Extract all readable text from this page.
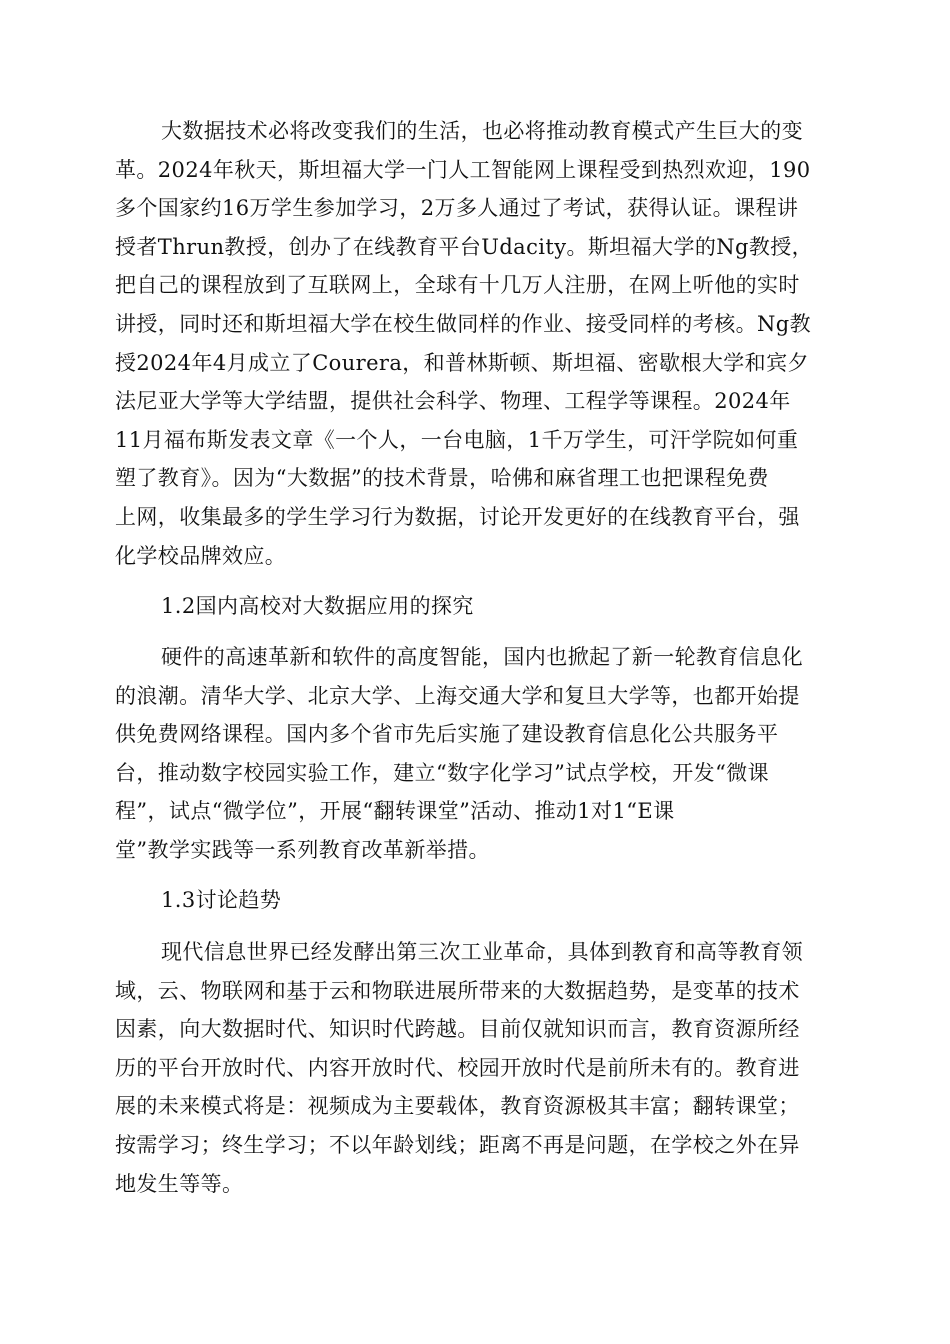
大数据技术必将改变我们的生活，也必将推动教育模式产生巨大的变
革。2024年秋天，斯坦福大学一门人工智能网上课程受到热烈欢迎，190
多个国家约16万学生参加学习，2万多人通过了考试，获得认证。课程讲
授者Thrun教授，创办了在线教育平台Udacity。斯坦福大学的Ng教授，
把自己的课程放到了互联网上，全球有十几万人注册，在网上听他的实时
讲授，同时还和斯坦福大学在校生做同样的作业、接受同样的考核。Ng教
授2024年4月成立了Courera，和普林斯顿、斯坦福、密歇根大学和宾夕
法尼亚大学等大学结盟，提供社会科学、物理、工程学等课程。2024年
11月福布斯发表文章《一个人，一台电脑，1千万学生，可汗学院如何重
塑了教育》。因为“大数据”的技术背景，哈佛和麻省理工也把课程免费
上网，收集最多的学生学习行为数据，讨论开发更好的在线教育平台，强
化学校品牌效应。
1.2国内高校对大数据应用的探究
硬件的高速革新和软件的高度智能，国内也掀起了新一轮教育信息化
的浪潮。清华大学、北京大学、上海交通大学和复旦大学等，也都开始提
供免费网络课程。国内多个省市先后实施了建设教育信息化公共服务平
台，推动数字校园实验工作，建立“数字化学习”试点学校，开发“微课
程”，试点“微学位”，开展“翻转课堂”活动、推动1对1“E课
堂”教学实践等一系列教育改革新举措。
1.3讨论趋势
现代信息世界已经发酵出第三次工业革命，具体到教育和高等教育领
域，云、物联网和基于云和物联进展所带来的大数据趋势，是变革的技术
因素，向大数据时代、知识时代跨越。目前仅就知识而言，教育资源所经
历的平台开放时代、内容开放时代、校园开放时代是前所未有的。教育进
展的未来模式将是：视频成为主要载体，教育资源极其丰富；翻转课堂；
按需学习；终生学习；不以年龄划线；距离不再是问题，在学校之外在异
地发生等等。
